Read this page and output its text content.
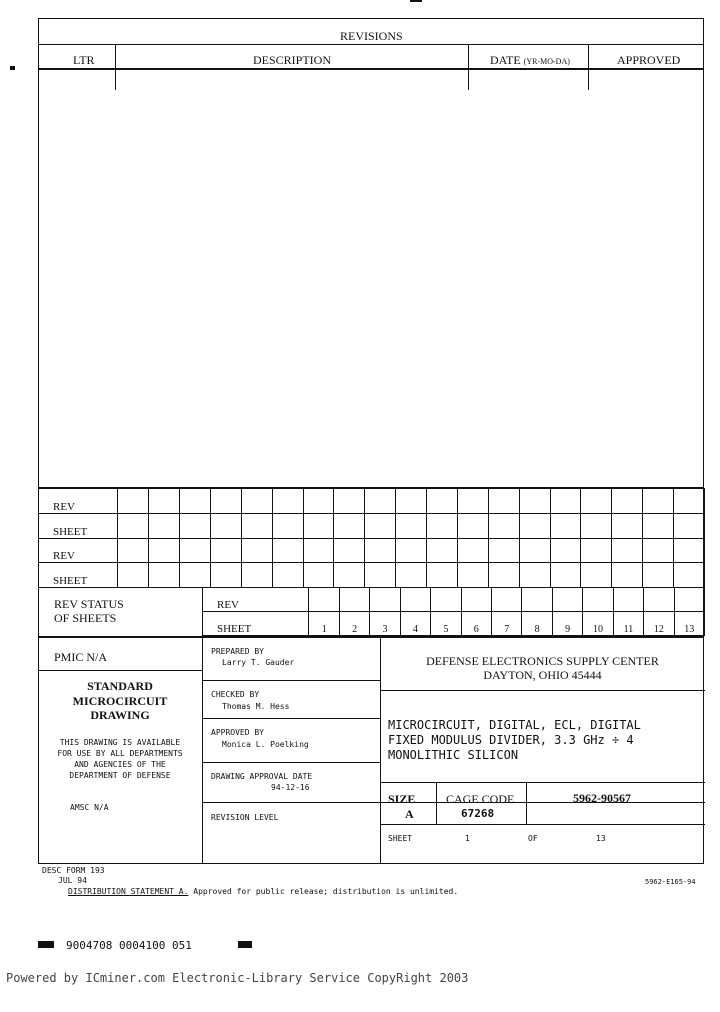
REVISIONS
LTR	DESCRIPTION	DATE (YR-MO-DA)	APPROVED
REV																			
SHEET																			
REV																			
SHEET																			
REV STATUS
OF SHEETS
REV													
SHEET	1	2	3	4	5	6	7	8	9	10	11	12	13
PMIC N/A
STANDARD
MICROCIRCUIT
DRAWING
THIS DRAWING IS AVAILABLE
FOR USE BY ALL DEPARTMENTS
AND AGENCIES OF THE
DEPARTMENT OF DEFENSE
AMSC N/A
PREPARED BY
Larry T. Gauder
CHECKED BY
Thomas M. Hess
APPROVED BY
Monica L. Poelking
DRAWING APPROVAL DATE
94-12-16
REVISION LEVEL
DEFENSE ELECTRONICS SUPPLY CENTER
DAYTON, OHIO 45444
MICROCIRCUIT, DIGITAL, ECL, DIGITAL
FIXED MODULUS DIVIDER, 3.3 GHz ÷ 4
MONOLITHIC SILICON
SIZE
A
CAGE CODE
67268
5962-90567
SHEET	1	OF	13
DESC FORM 193
JUL 94	5962-E165-94
DISTRIBUTION STATEMENT A. Approved for public release; distribution is unlimited.
9004708 0004100 051
Powered by ICminer.com Electronic-Library Service CopyRight 2003
